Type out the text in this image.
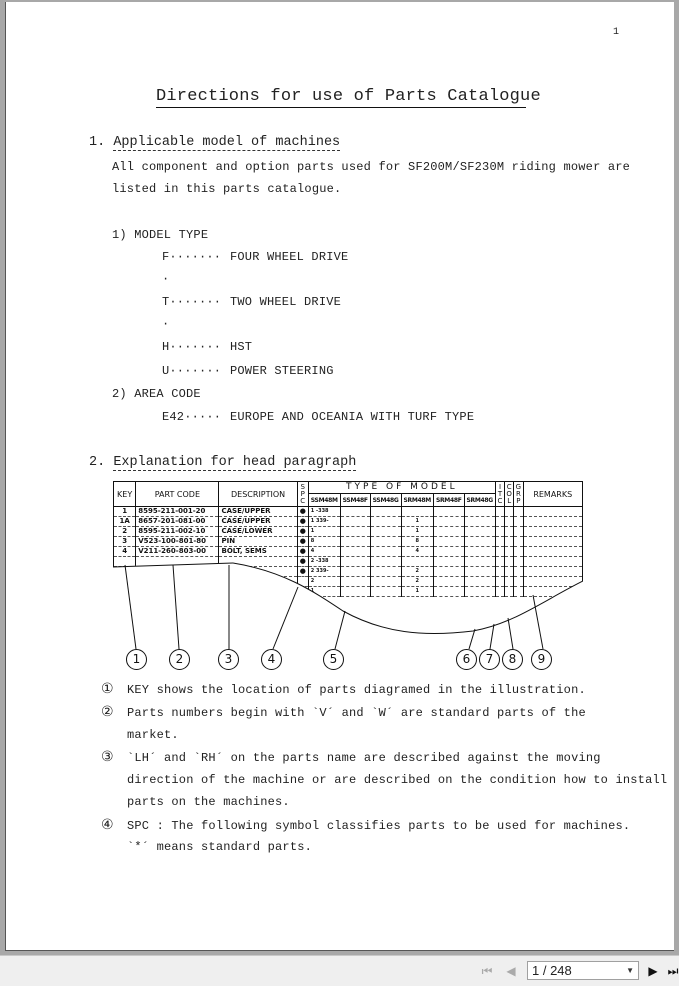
1
Directions for use of Parts Catalogue
1. Applicable model of machines
All component and option parts used for SF200M/SF230M riding mower are
listed in this parts catalogue.
1) MODEL TYPE
F······· FOUR WHEEL DRIVE
·
T······· TWO WHEEL DRIVE
·
H······· HST
U······· POWER STEERING
2) AREA CODE
E42····· EUROPE AND OCEANIA WITH TURF TYPE
2. Explanation for head paragraph
KEY	PART CODE	DESCRIPTION	SPC	TYPE OF MODEL						ITC	COL	GRP	REMARKS
				SSM48M	SSM48F	SSM48G	SRM48M	SRM48F	SRM48G				
1	8595-211-001-20	CASE/UPPER	●	1 -338									
1A	8657-201-081-00	CASE/UPPER	●	1 339-			1						
2	8595-211-002-10	CASE/LOWER	●	1			1						
3	V523-100-801-80	PIN	●	8			8						
4	V211-260-803-00	BOLT, SEMS	●	4			4						
			●	2 -338									
			●	2 339-			2						
				2			2						
				1			1						
1	2	3	4	5	6	7	8	9
① KEY shows the location of parts diagramed in the illustration.
② Parts numbers begin with `V´ and `W´ are standard parts of the
market.
③ `LH´ and `RH´ on the parts name are described against the moving
direction of the machine or are described on the condition how to install
parts on the machines.
④ SPC : The following symbol classifies parts to be used for machines.
`*´ means standard parts.
⏮ ◀	1 / 248	▼ ▶ ⏭
